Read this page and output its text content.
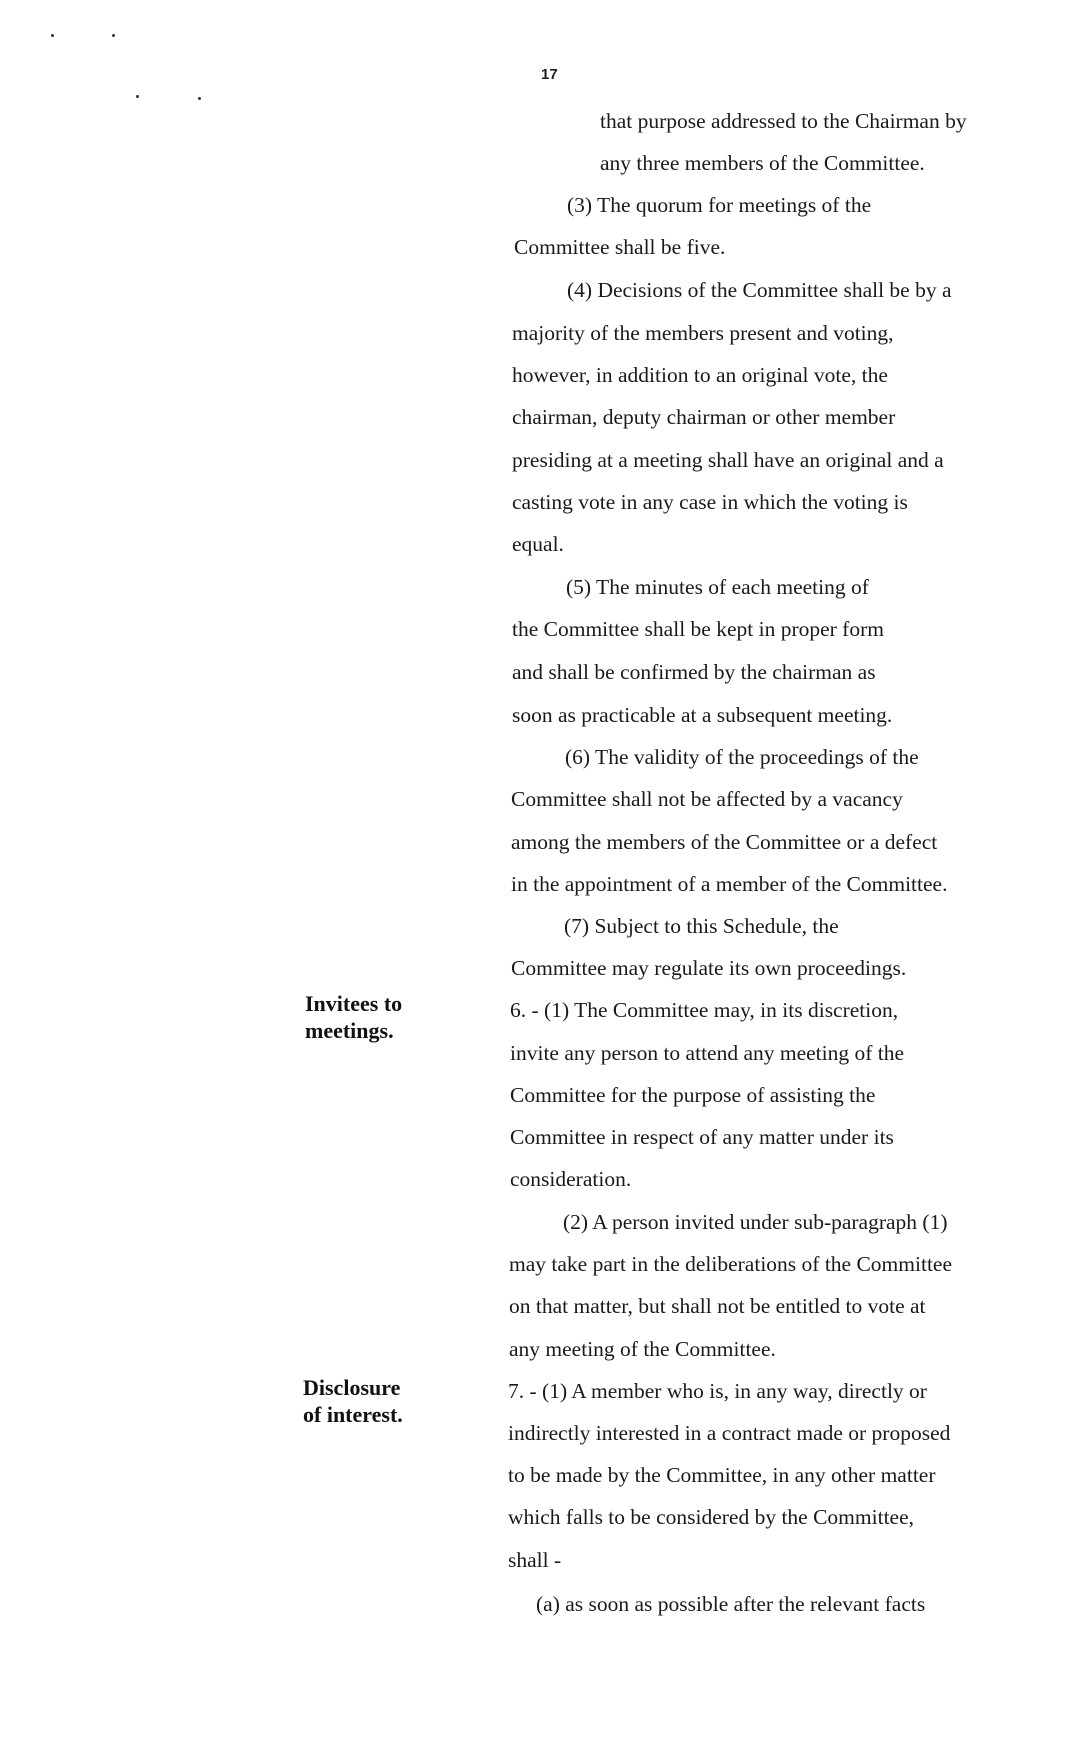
17
Invitees to
meetings.
Disclosure
of interest.
that purpose addressed to the Chairman by
any three members of the Committee.
(3) The quorum for meetings of the
Committee shall be five.
(4) Decisions of the Committee shall be by a
majority of the members present and voting,
however, in addition to an original vote, the
chairman, deputy chairman or other member
presiding at a meeting shall have an original and a
casting vote in any case in which the voting is
equal.
(5) The minutes of each meeting of
the Committee shall be kept in proper form
and shall be confirmed by the chairman as
soon as practicable at a subsequent meeting.
(6) The validity of the proceedings of the
Committee shall not be affected by a vacancy
among the members of the Committee or a defect
in the appointment of a member of the Committee.
(7) Subject to this Schedule, the
Committee may regulate its own proceedings.
6. - (1) The Committee may, in its discretion,
invite any person to attend any meeting of the
Committee for the purpose of assisting the
Committee in respect of any matter under its
consideration.
(2) A person invited under sub-paragraph (1)
may take part in the deliberations of the Committee
on that matter, but shall not be entitled to vote at
any meeting of the Committee.
7. - (1) A member who is, in any way, directly or
indirectly interested in a contract made or proposed
to be made by the Committee, in any other matter
which falls to be considered by the Committee,
shall -
(a) as soon as possible after the relevant facts
